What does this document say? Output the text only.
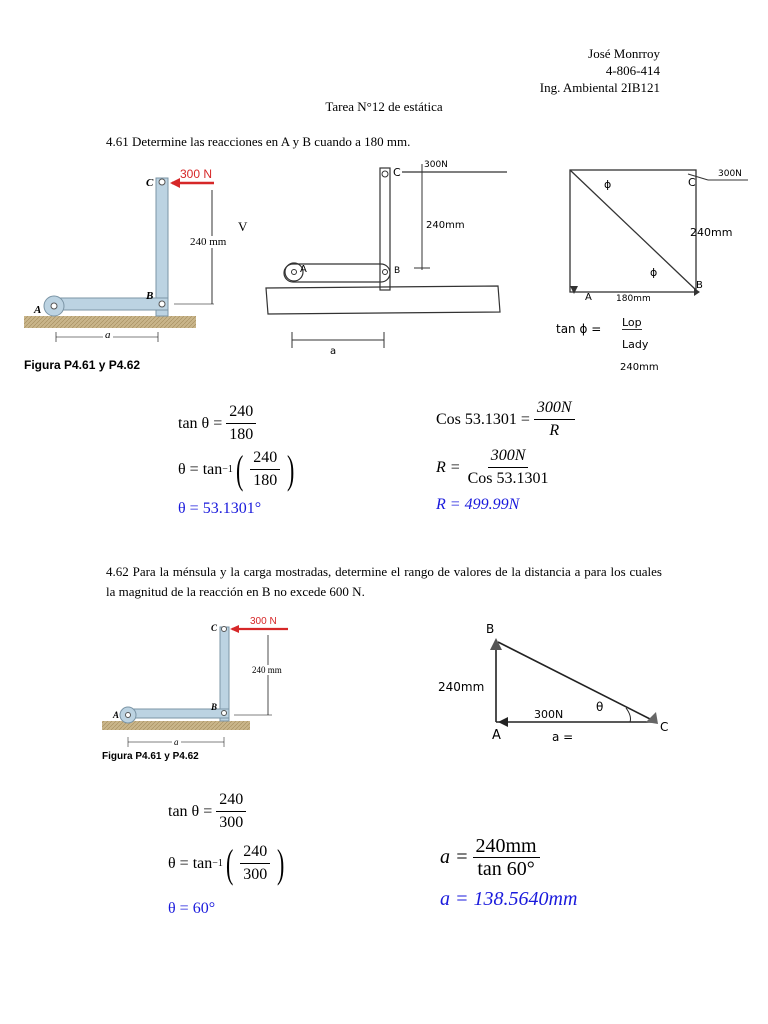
José Monrroy
4-806-414
Ing. Ambiental 2IB121
Tarea N°12 de estática
4.61 Determine las reacciones en A y B cuando a 180 mm.
300 N
C
240 mm
B
A
a
Figura P4.61 y P4.62
V
C
300N
240mm
A	B
a
ϕ	C
300N
240mm
ϕ
A	180mm
B
tan ϕ = Lop
Lady
240mm
$\tan \theta = \frac{240}{180}$
θ = tan −1 ( $\frac{240}{180}$ )
θ = 53.1301°
Cos $53.1301 = \frac{300N}{R}$
$R = \frac{300N}{\text{Cos 53.1301}}$
R = 499.99N
4.62 Para la ménsula y la carga mostradas, determine el rango de valores de la distancia a para los cuales la magnitud de la reacción en B no excede 600 N.
300 N
C
240 mm
B
A
a
Figura P4.61 y P4.62
B
240mm
300N
θ
A	a =
C
$\tan \theta = \frac{240}{300}$
θ = tan −1 ( $\frac{240}{300}$ )
θ = 60°
$a = \frac{240mm}{\tan 60^\circ}$
a = 138.5640mm
